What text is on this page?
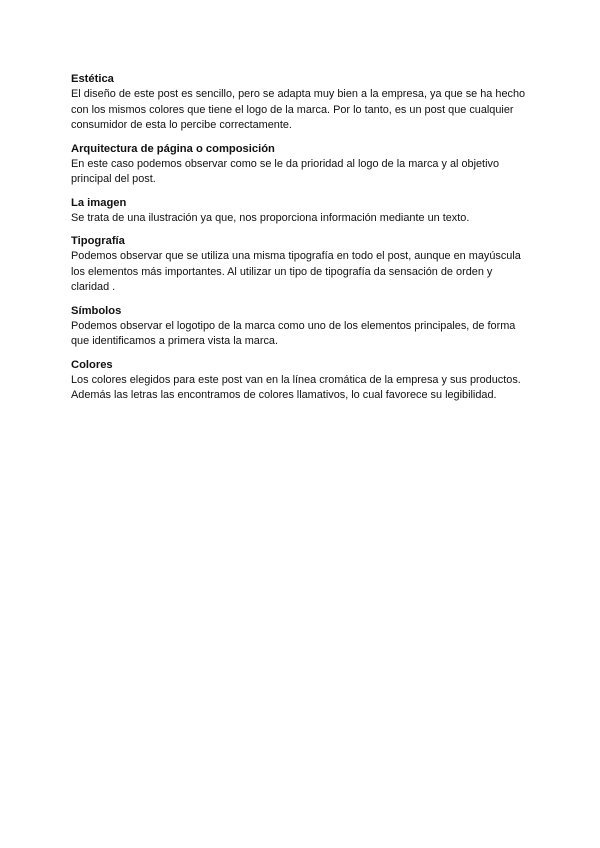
Estética

El diseño de este post es sencillo, pero se adapta muy bien a la empresa, ya que se ha hecho con los mismos colores que tiene el logo de la marca. Por lo tanto, es un post que cualquier consumidor de esta lo percibe correctamente.

Arquitectura de página o composición

En este caso podemos observar como se le da prioridad al logo de la marca y al objetivo principal del post.

La imagen

Se trata de una ilustración ya que, nos proporciona información mediante un texto.

Tipografía

Podemos observar que se utiliza una misma tipografía en todo el post, aunque en mayúscula los elementos más importantes. Al utilizar un tipo de tipografía da sensación de orden y claridad .

Símbolos

Podemos observar el logotipo de la marca como uno de los elementos principales, de forma que identificamos a primera vista la marca.

Colores

Los colores elegidos para este post van en la línea cromática de la empresa y sus productos. Además las letras las encontramos de colores llamativos, lo cual favorece su legibilidad.
